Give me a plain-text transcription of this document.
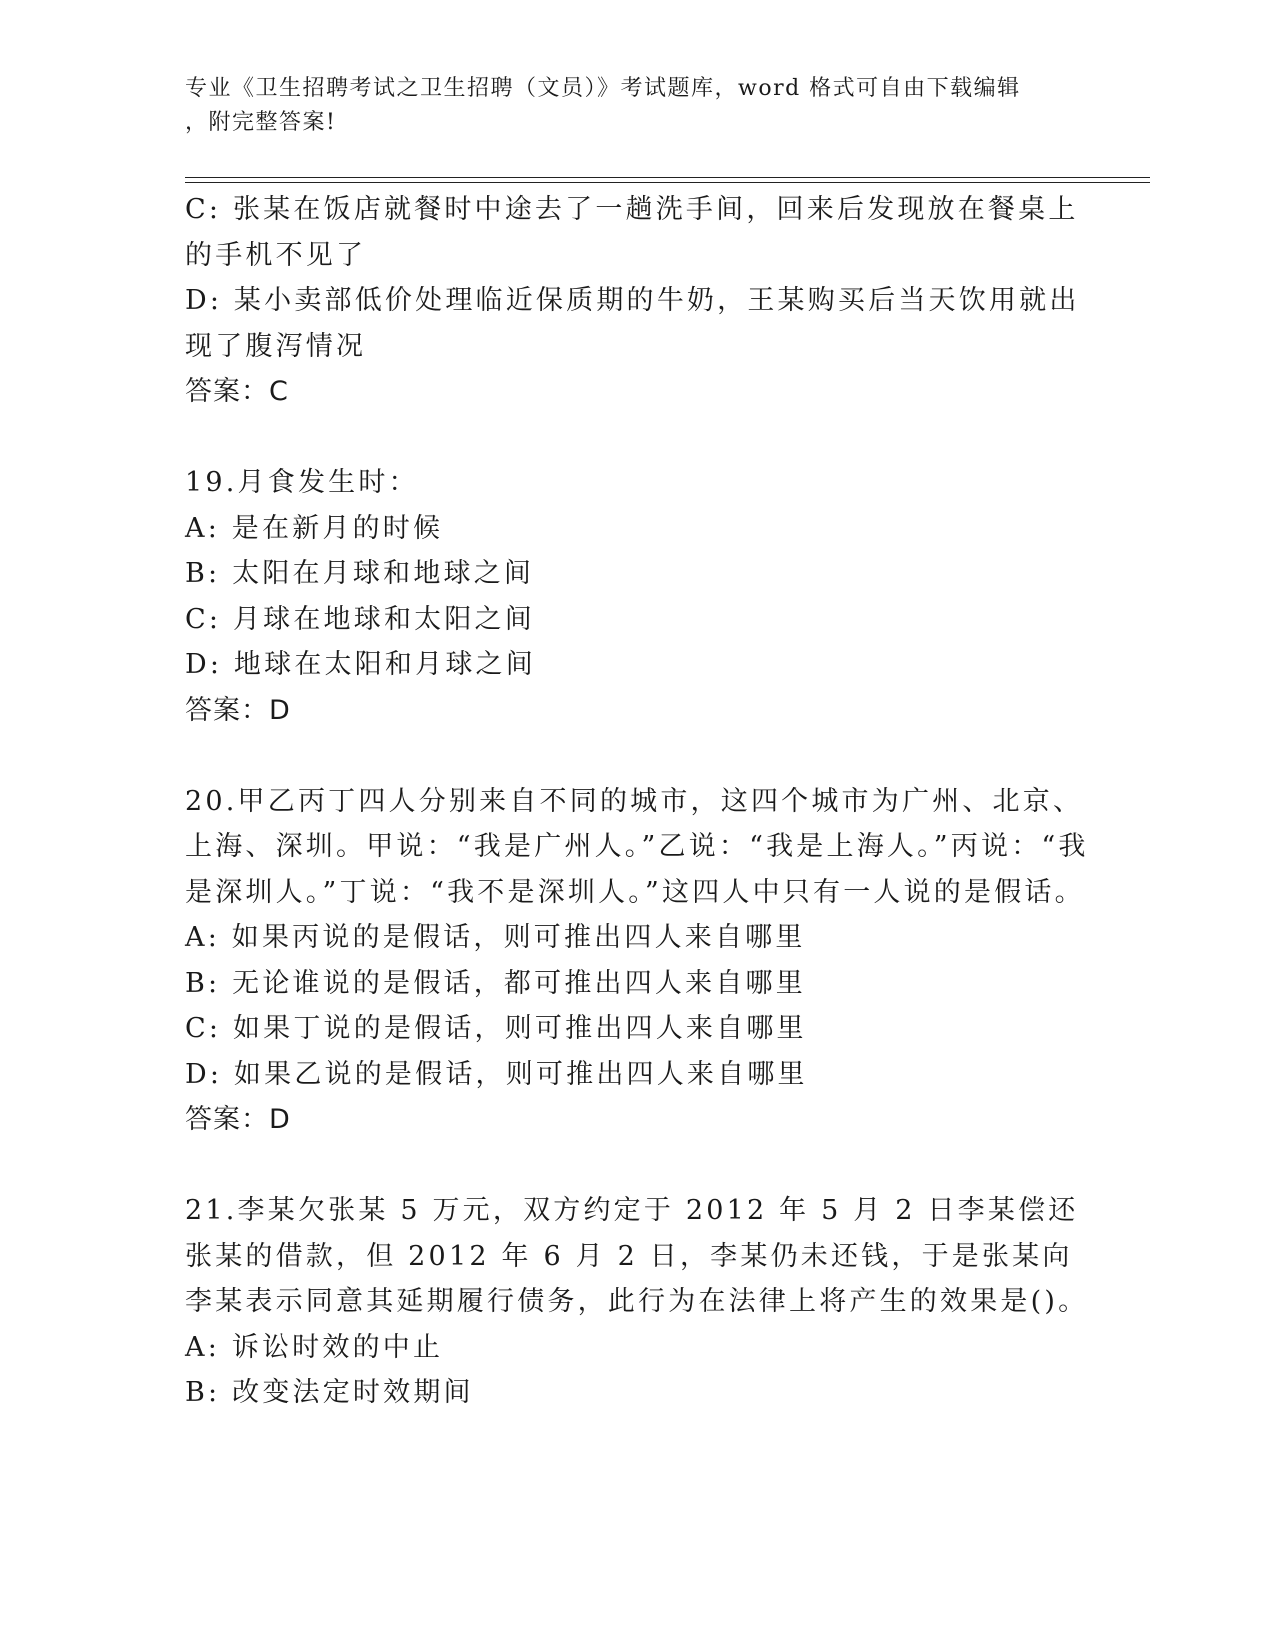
专业《卫生招聘考试之卫生招聘（文员）》考试题库，word 格式可自由下载编辑
，附完整答案!

C: 张某在饭店就餐时中途去了一趟洗手间，回来后发现放在餐桌上的手机不见了

D: 某小卖部低价处理临近保质期的牛奶，王某购买后当天饮用就出现了腹泻情况

答案：C

19.月食发生时：

A: 是在新月的时候

B: 太阳在月球和地球之间

C: 月球在地球和太阳之间

D: 地球在太阳和月球之间

答案：D

20.甲乙丙丁四人分别来自不同的城市，这四个城市为广州、北京、上海、深圳。甲说：“我是广州人。”乙说：“我是上海人。”丙说：“我是深圳人。”丁说：“我不是深圳人。”这四人中只有一人说的是假话。

A: 如果丙说的是假话，则可推出四人来自哪里

B: 无论谁说的是假话，都可推出四人来自哪里

C: 如果丁说的是假话，则可推出四人来自哪里

D: 如果乙说的是假话，则可推出四人来自哪里

答案：D

21.李某欠张某 5 万元，双方约定于 2012 年 5 月 2 日李某偿还张某的借款，但 2012 年 6 月 2 日，李某仍未还钱，于是张某向李某表示同意其延期履行债务，此行为在法律上将产生的效果是()。

A: 诉讼时效的中止

B: 改变法定时效期间
